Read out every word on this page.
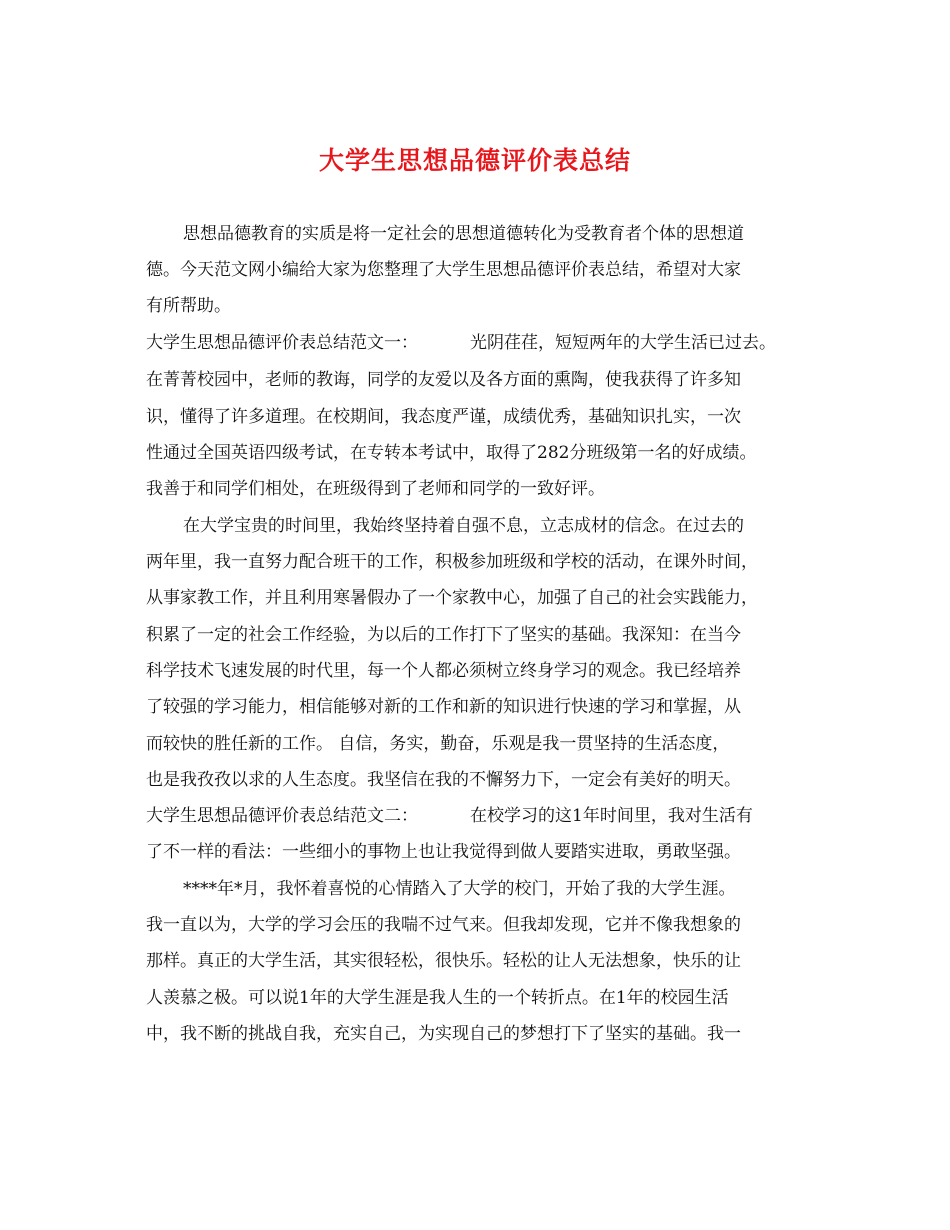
大学生思想品德评价表总结
思想品德教育的实质是将一定社会的思想道德转化为受教育者个体的思想道
德。今天范文网小编给大家为您整理了大学生思想品德评价表总结，希望对大家
有所帮助。
大学生思想品德评价表总结范文一：	光阴荏荏，短短两年的大学生活已过去。
在菁菁校园中，老师的教诲，同学的友爱以及各方面的熏陶，使我获得了许多知
识，懂得了许多道理。在校期间，我态度严谨，成绩优秀，基础知识扎实，一次
性通过全国英语四级考试，在专转本考试中，取得了282分班级第一名的好成绩。
我善于和同学们相处，在班级得到了老师和同学的一致好评。
在大学宝贵的时间里，我始终坚持着自强不息，立志成材的信念。在过去的
两年里，我一直努力配合班干的工作，积极参加班级和学校的活动，在课外时间，
从事家教工作，并且利用寒暑假办了一个家教中心，加强了自己的社会实践能力，
积累了一定的社会工作经验，为以后的工作打下了坚实的基础。我深知：在当今
科学技术飞速发展的时代里，每一个人都必须树立终身学习的观念。我已经培养
了较强的学习能力，相信能够对新的工作和新的知识进行快速的学习和掌握，从
而较快的胜任新的工作。 自信，务实，勤奋，乐观是我一贯坚持的生活态度，
也是我孜孜以求的人生态度。我坚信在我的不懈努力下，一定会有美好的明天。
大学生思想品德评价表总结范文二：	在校学习的这1年时间里，我对生活有
了不一样的看法：一些细小的事物上也让我觉得到做人要踏实进取，勇敢坚强。
****年*月，我怀着喜悦的心情踏入了大学的校门，开始了我的大学生涯。
我一直以为，大学的学习会压的我喘不过气来。但我却发现，它并不像我想象的
那样。真正的大学生活，其实很轻松，很快乐。轻松的让人无法想象，快乐的让
人羡慕之极。可以说1年的大学生涯是我人生的一个转折点。在1年的校园生活
中，我不断的挑战自我，充实自己，为实现自己的梦想打下了坚实的基础。我一
